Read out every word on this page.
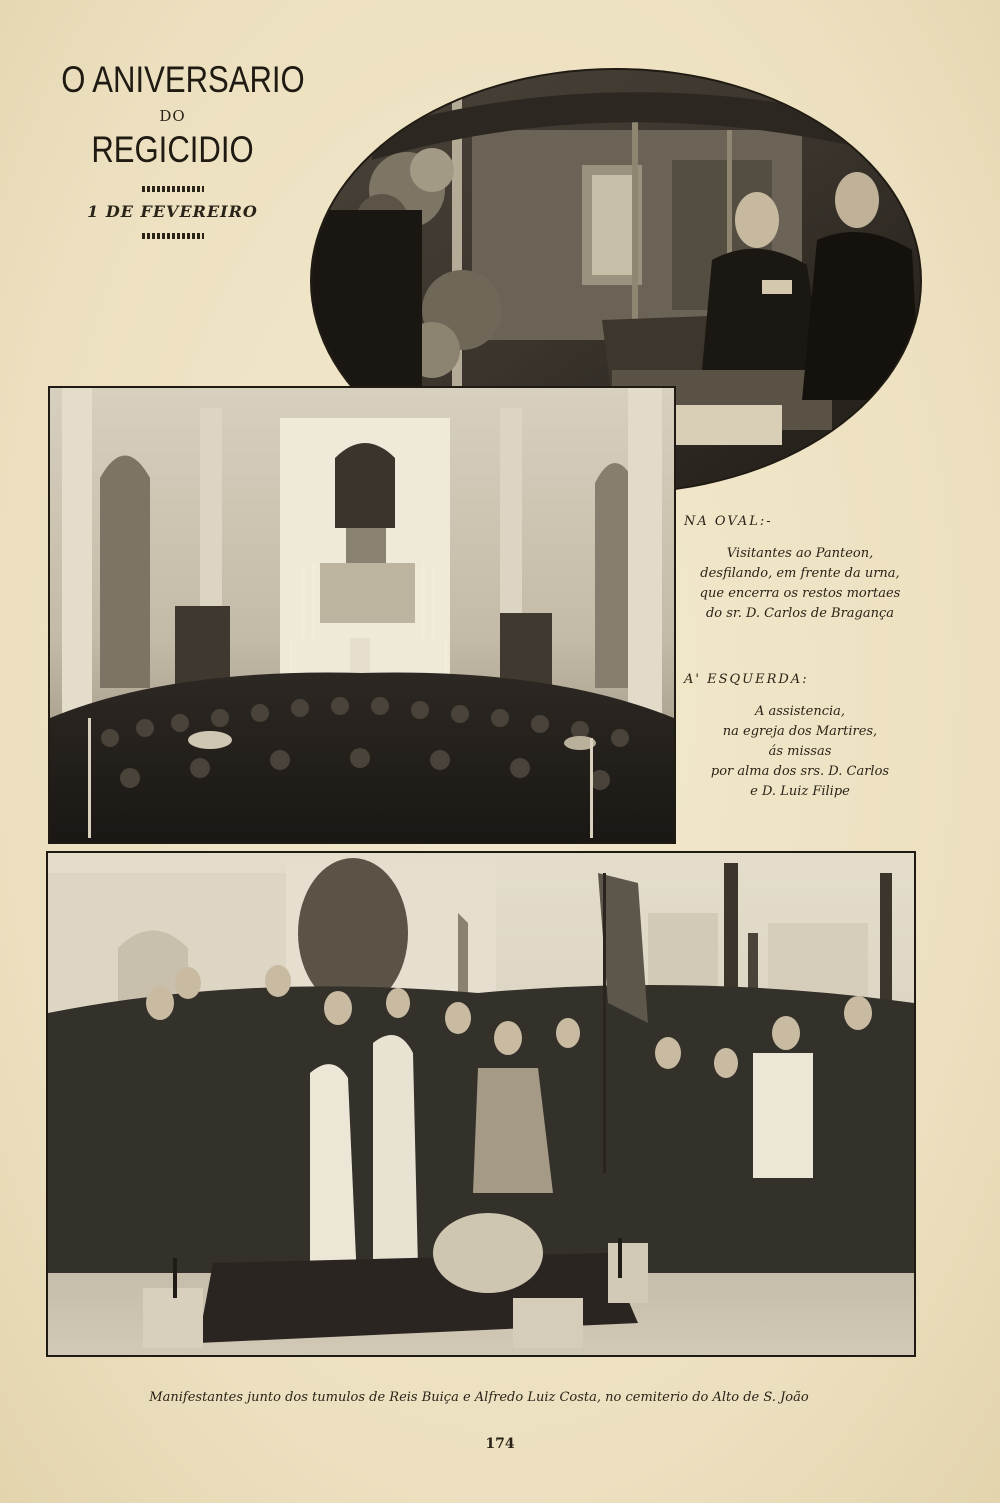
O ANIVERSARIO
DO
REGICIDIO
1 DE FEVEREIRO
NA OVAL:-
Visitantes ao Panteon,
desfilando, em frente da urna,
que encerra os restos mortaes
do sr. D. Carlos de Bragança
A' ESQUERDA:
A assistencia,
na egreja dos Martires,
ás missas
por alma dos srs. D. Carlos
e D. Luiz Filipe
Manifestantes junto dos tumulos de Reis Buiça e Alfredo Luiz Costa, no cemiterio do Alto de S. João
174
